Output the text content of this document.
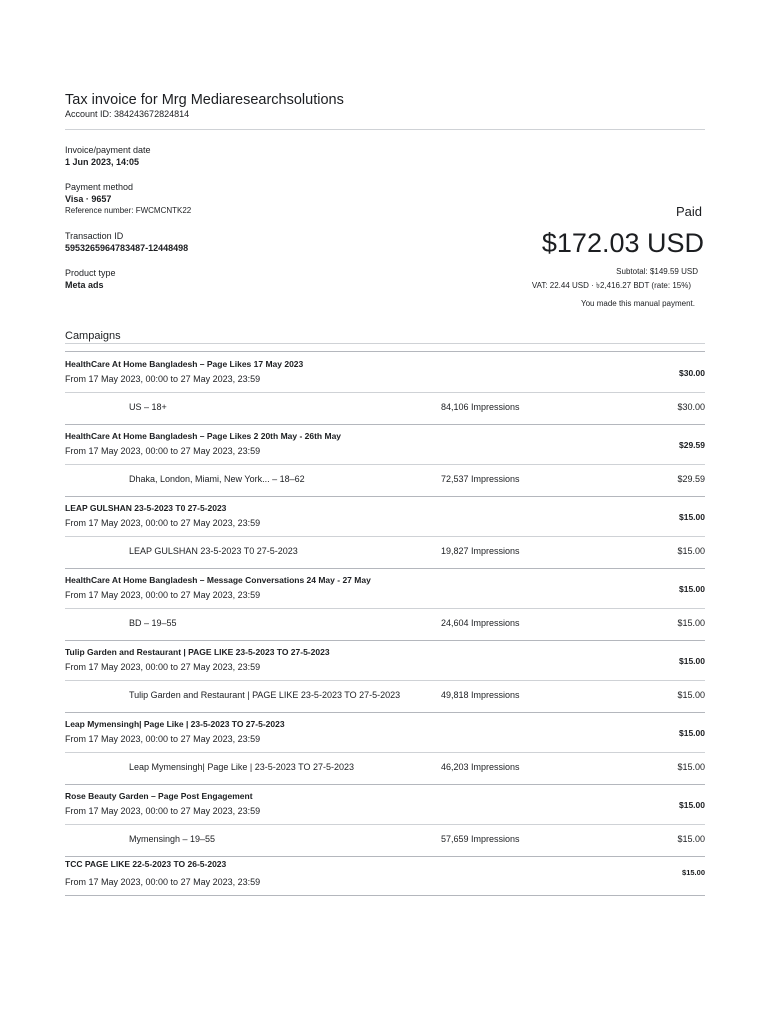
Tax invoice for Mrg Mediaresearchsolutions
Account ID: 384243672824814
Invoice/payment date
1 Jun 2023, 14:05
Payment method
Visa · 9657
Reference number: FWCMCNTK22
Transaction ID
5953265964783487-12448498
Product type
Meta ads
Paid
$172.03 USD
Subtotal: $149.59 USD
VAT: 22.44 USD · ৳2,416.27 BDT (rate: 15%)
You made this manual payment.
Campaigns
HealthCare At Home Bangladesh – Page Likes 17 May 2023
From 17 May 2023, 00:00 to 27 May 2023, 23:59
$30.00
US – 18+	84,106 Impressions	$30.00
HealthCare At Home Bangladesh – Page Likes 2 20th May - 26th May
From 17 May 2023, 00:00 to 27 May 2023, 23:59
$29.59
Dhaka, London, Miami, New York... – 18–62	72,537 Impressions	$29.59
LEAP GULSHAN 23-5-2023 T0 27-5-2023
From 17 May 2023, 00:00 to 27 May 2023, 23:59
$15.00
LEAP GULSHAN 23-5-2023 T0 27-5-2023	19,827 Impressions	$15.00
HealthCare At Home Bangladesh – Message Conversations 24 May - 27 May
From 17 May 2023, 00:00 to 27 May 2023, 23:59
$15.00
BD – 19–55	24,604 Impressions	$15.00
Tulip Garden and Restaurant | PAGE LIKE 23-5-2023 TO 27-5-2023
From 17 May 2023, 00:00 to 27 May 2023, 23:59
$15.00
Tulip Garden and Restaurant | PAGE LIKE 23-5-2023 TO 27-5-2023	49,818 Impressions	$15.00
Leap Mymensingh| Page Like | 23-5-2023 TO 27-5-2023
From 17 May 2023, 00:00 to 27 May 2023, 23:59
$15.00
Leap Mymensingh| Page Like | 23-5-2023 TO 27-5-2023	46,203 Impressions	$15.00
Rose Beauty Garden – Page Post Engagement
From 17 May 2023, 00:00 to 27 May 2023, 23:59
$15.00
Mymensingh – 19–55	57,659 Impressions	$15.00
TCC PAGE LIKE 22-5-2023 TO 26-5-2023
From 17 May 2023, 00:00 to 27 May 2023, 23:59
$15.00
